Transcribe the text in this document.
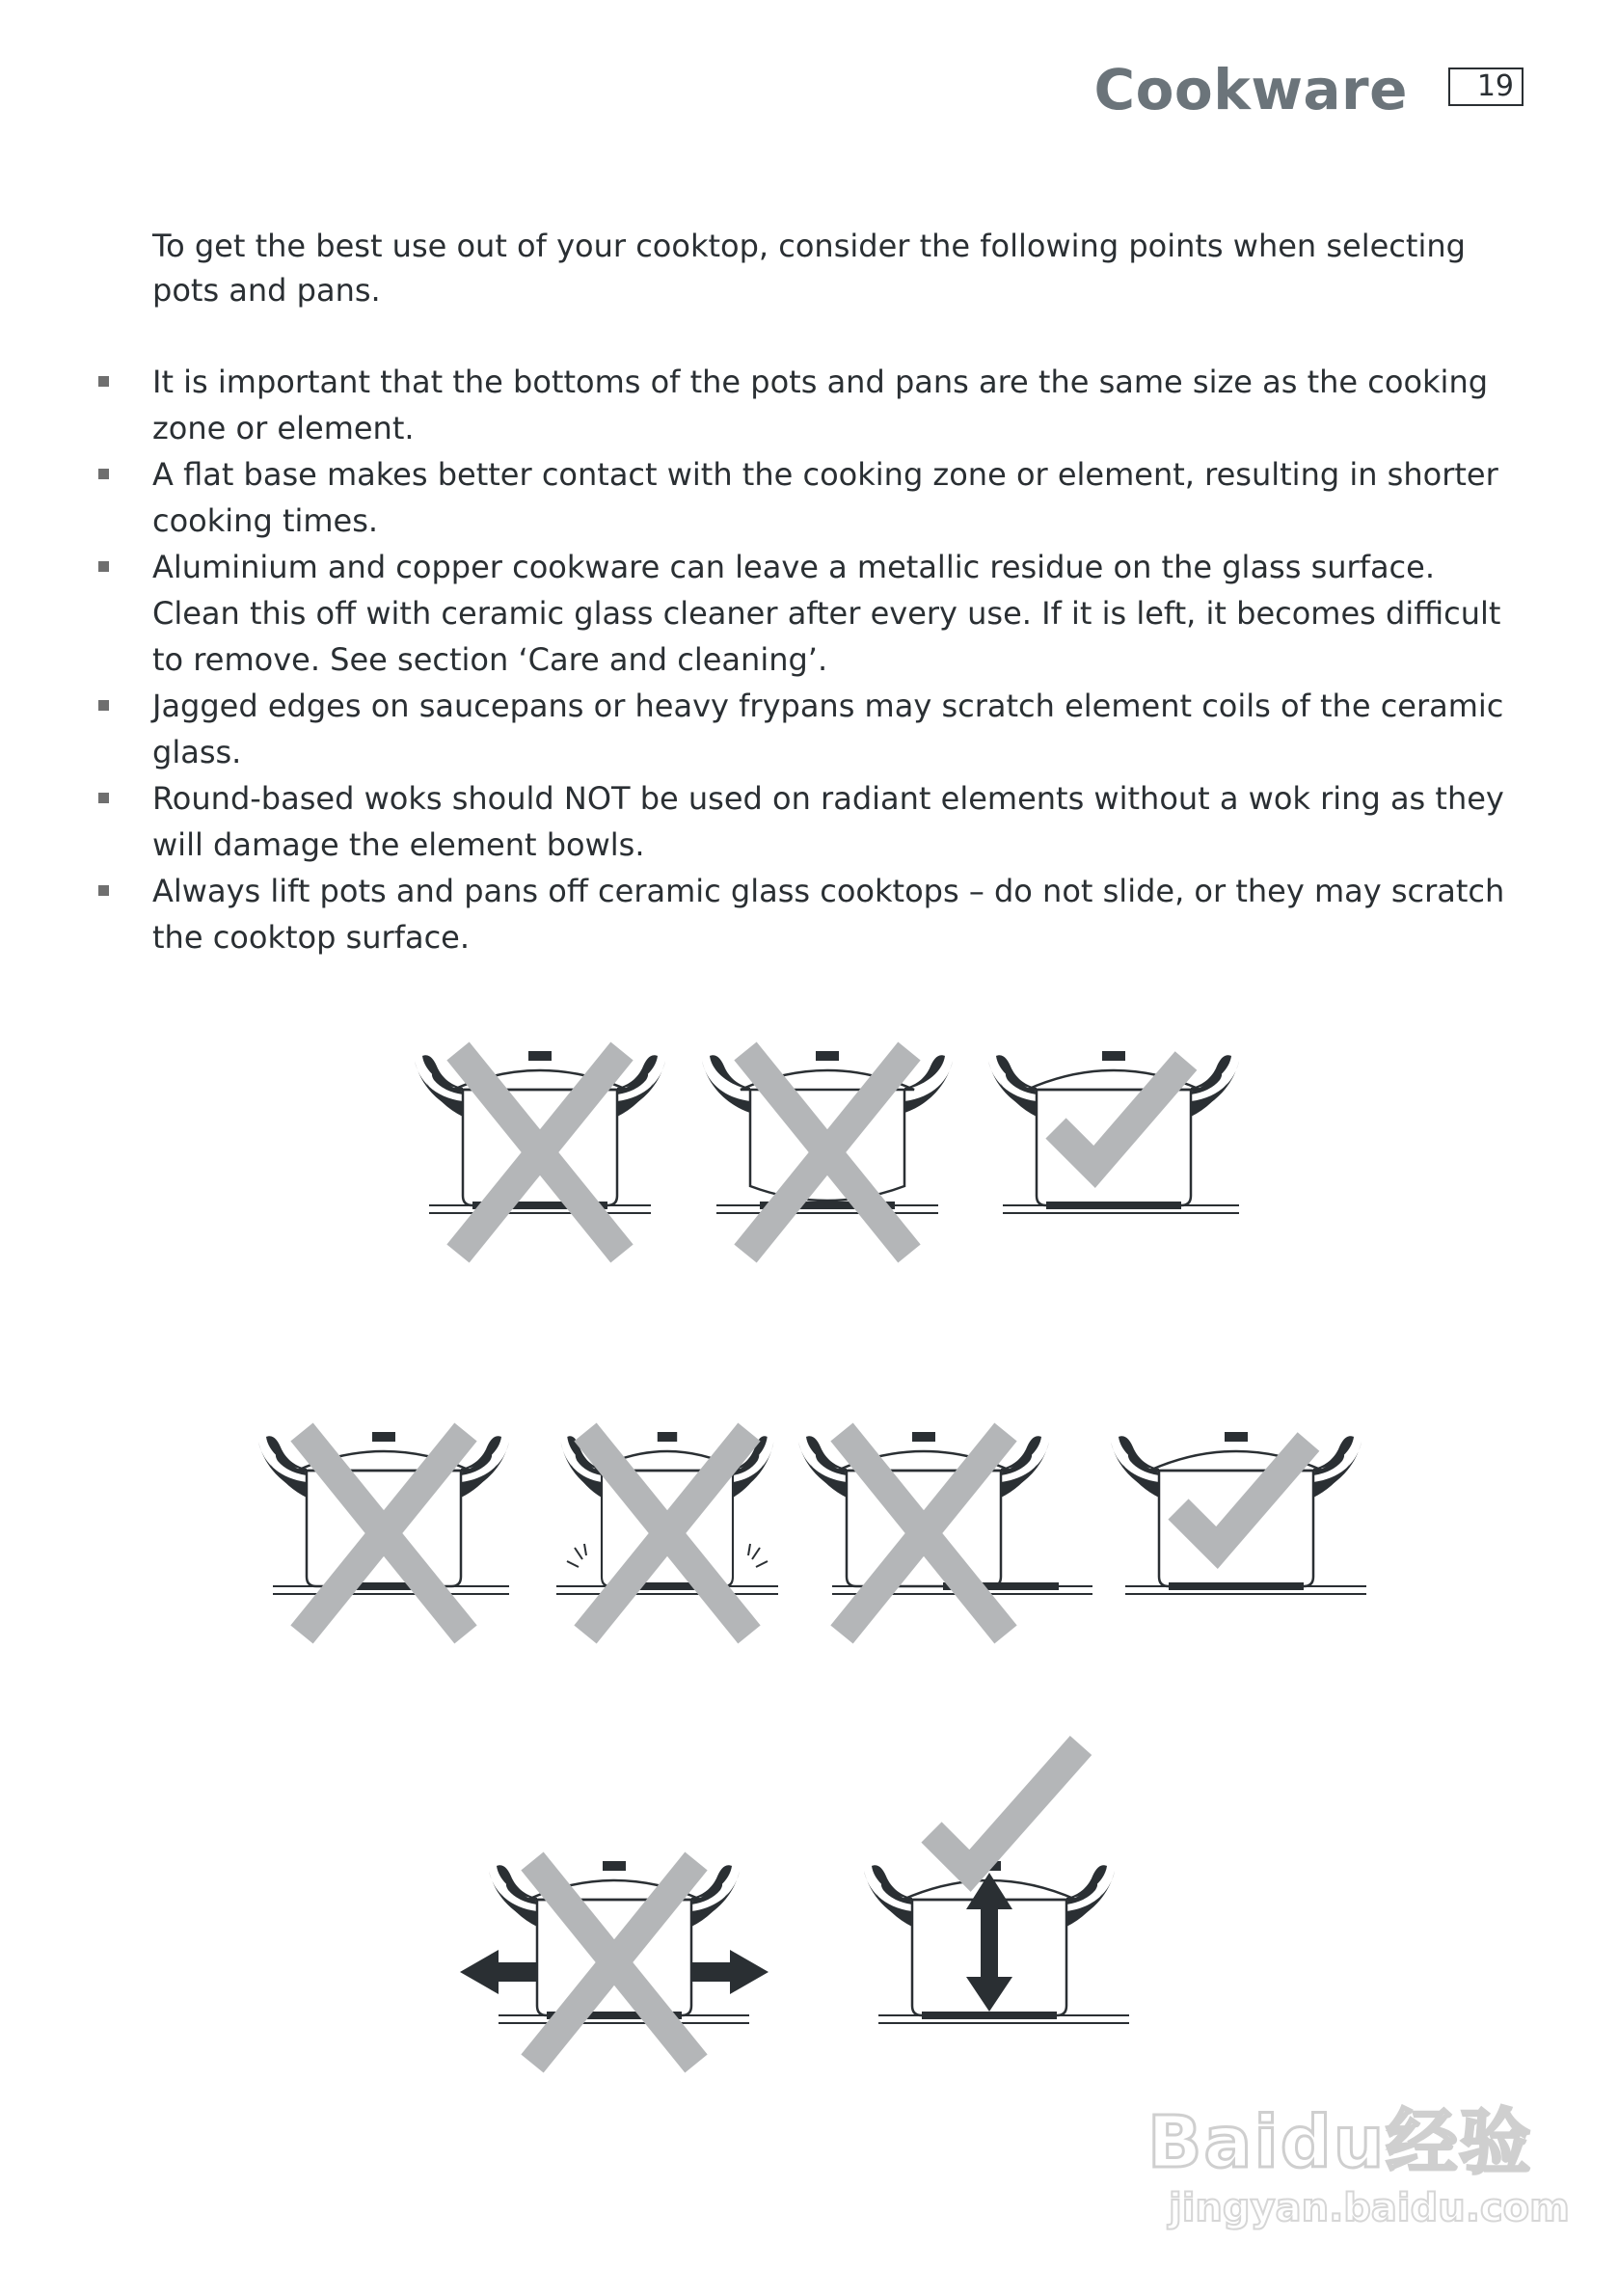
Cookware	19

To get the best use out of your cooktop, consider the following points when selecting pots and pans.

It is important that the bottoms of the pots and pans are the same size as the cooking zone or element.
A flat base makes better contact with the cooking zone or element, resulting in shorter cooking times.
Aluminium and copper cookware can leave a metallic residue on the glass surface. Clean this off with ceramic glass cleaner after every use. If it is left, it becomes difficult to remove. See section ‘Care and cleaning’.
Jagged edges on saucepans or heavy frypans may scratch element coils of the ceramic glass.
Round-based woks should NOT be used on radiant elements without a wok ring as they will damage the element bowls.
Always lift pots and pans off ceramic glass cooktops – do not slide, or they may scratch the cooktop surface.
Baidu经验
jingyan.baidu.com
